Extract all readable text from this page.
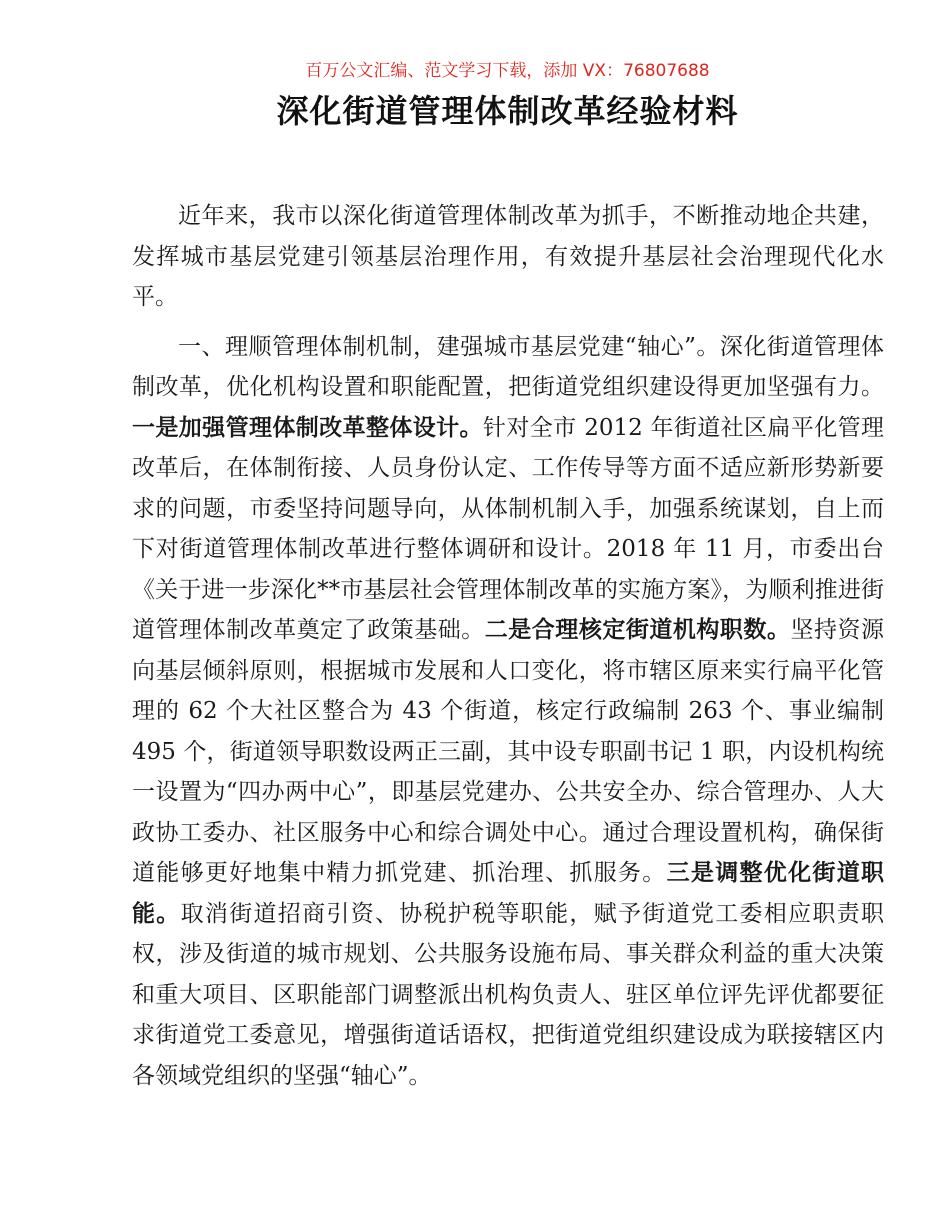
百万公文汇编、范文学习下载，添加 VX：76807688
深化街道管理体制改革经验材料

近年来，我市以深化街道管理体制改革为抓手，不断推动地企共建，发挥城市基层党建引领基层治理作用，有效提升基层社会治理现代化水平。

一、理顺管理体制机制，建强城市基层党建“轴心”。深化街道管理体制改革，优化机构设置和职能配置，把街道党组织建设得更加坚强有力。一是加强管理体制改革整体设计。针对全市 2012 年街道社区扁平化管理改革后，在体制衔接、人员身份认定、工作传导等方面不适应新形势新要求的问题，市委坚持问题导向，从体制机制入手，加强系统谋划，自上而下对街道管理体制改革进行整体调研和设计。2018 年 11 月，市委出台《关于进一步深化**市基层社会管理体制改革的实施方案》，为顺利推进街道管理体制改革奠定了政策基础。二是合理核定街道机构职数。坚持资源向基层倾斜原则，根据城市发展和人口变化，将市辖区原来实行扁平化管理的 62 个大社区整合为 43 个街道，核定行政编制 263 个、事业编制 495 个，街道领导职数设两正三副，其中设专职副书记 1 职，内设机构统一设置为“四办两中心”，即基层党建办、公共安全办、综合管理办、人大政协工委办、社区服务中心和综合调处中心。通过合理设置机构，确保街道能够更好地集中精力抓党建、抓治理、抓服务。三是调整优化街道职能。取消街道招商引资、协税护税等职能，赋予街道党工委相应职责职权，涉及街道的城市规划、公共服务设施布局、事关群众利益的重大决策和重大项目、区职能部门调整派出机构负责人、驻区单位评先评优都要征求街道党工委意见，增强街道话语权，把街道党组织建设成为联接辖区内各领域党组织的坚强“轴心”。
